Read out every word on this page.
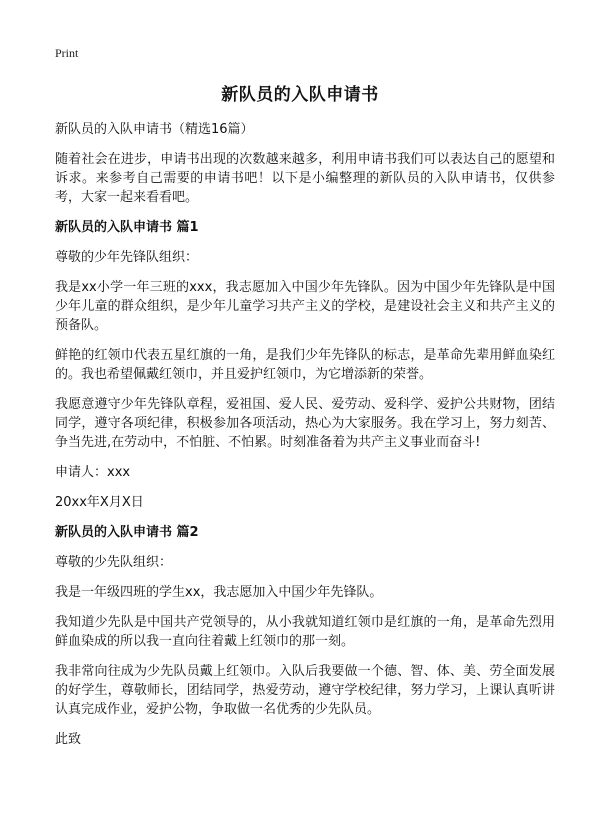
Print
新队员的入队申请书

新队员的入队申请书（精选16篇）

随着社会在进步，申请书出现的次数越来越多，利用申请书我们可以表达自己的愿望和诉求。来参考自己需要的申请书吧！以下是小编整理的新队员的入队申请书，仅供参考，大家一起来看看吧。

新队员的入队申请书 篇1

尊敬的少年先锋队组织：

我是xx小学一年三班的xxx，我志愿加入中国少年先锋队。因为中国少年先锋队是中国少年儿童的群众组织，是少年儿童学习共产主义的学校，是建设社会主义和共产主义的预备队。

鲜艳的红领巾代表五星红旗的一角，是我们少年先锋队的标志，是革命先辈用鲜血染红的。我也希望佩戴红领巾，并且爱护红领巾，为它增添新的荣誉。

我愿意遵守少年先锋队章程，爱祖国、爱人民、爱劳动、爱科学、爱护公共财物，团结同学，遵守各项纪律，积极参加各项活动，热心为大家服务。我在学习上，努力刻苦、争当先进,在劳动中，不怕脏、不怕累。时刻准备着为共产主义事业而奋斗!

申请人：xxx

20xx年X月X日

新队员的入队申请书 篇2

尊敬的少先队组织：

我是一年级四班的学生xx，我志愿加入中国少年先锋队。

我知道少先队是中国共产党领导的，从小我就知道红领巾是红旗的一角，是革命先烈用鲜血染成的所以我一直向往着戴上红领巾的那一刻。

我非常向往成为少先队员戴上红领巾。入队后我要做一个德、智、体、美、劳全面发展的好学生，尊敬师长，团结同学，热爱劳动，遵守学校纪律，努力学习，上课认真听讲认真完成作业，爱护公物，争取做一名优秀的少先队员。

此致
